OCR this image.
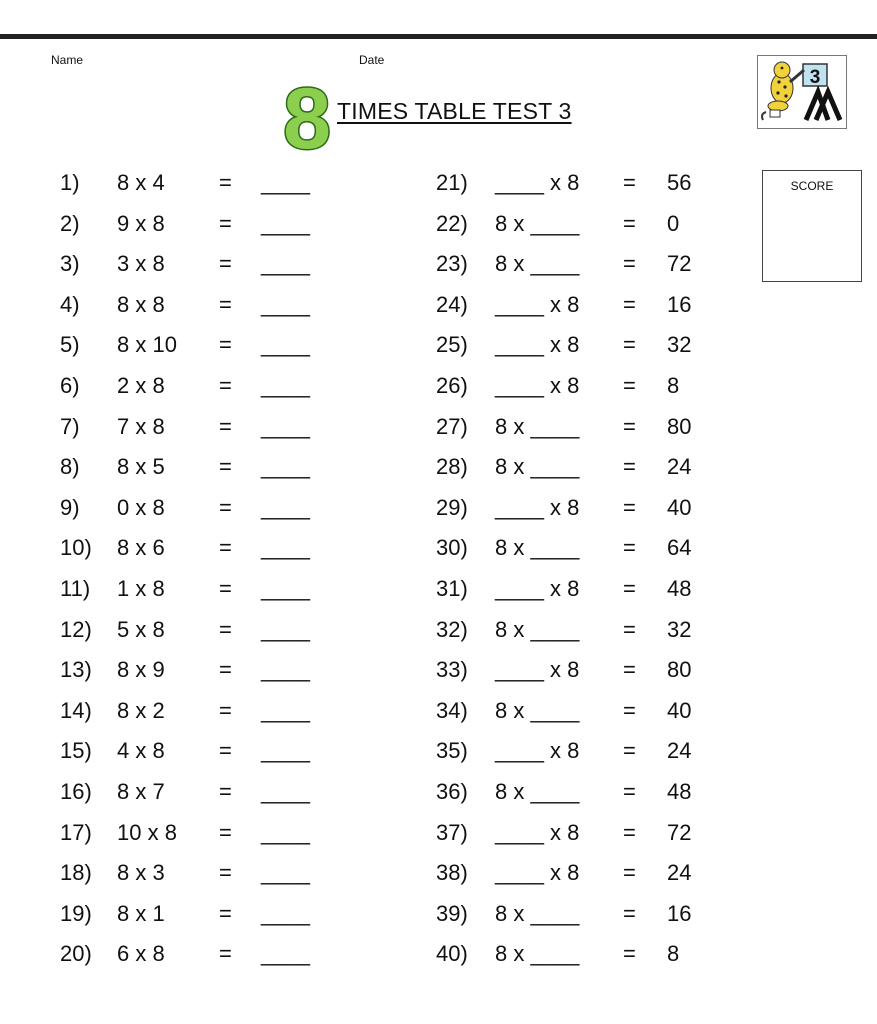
Name	Date
8 TIMES TABLE TEST 3
3
SCORE
1)	8 x 4 = ____
2)	9 x 8 = ____
3)	3 x 8 = ____
4)	8 x 8 = ____
5)	8 x 10 = ____
6)	2 x 8 = ____
7)	7 x 8 = ____
8)	8 x 5 = ____
9)	0 x 8 = ____
10)	8 x 6 = ____
11)	1 x 8 = ____
12)	5 x 8 = ____
13)	8 x 9 = ____
14)	8 x 2 = ____
15)	4 x 8 = ____
16)	8 x 7 = ____
17)	10 x 8 = ____
18)	8 x 3 = ____
19)	8 x 1 = ____
20)	6 x 8 = ____
21)	____ x 8 = 56
22)	8 x ____ = 0
23)	8 x ____ = 72
24)	____ x 8 = 16
25)	____ x 8 = 32
26)	____ x 8 = 8
27)	8 x ____ = 80
28)	8 x ____ = 24
29)	____ x 8 = 40
30)	8 x ____ = 64
31)	____ x 8 = 48
32)	8 x ____ = 32
33)	____ x 8 = 80
34)	8 x ____ = 40
35)	____ x 8 = 24
36)	8 x ____ = 48
37)	____ x 8 = 72
38)	____ x 8 = 24
39)	8 x ____ = 16
40)	8 x ____ = 8
